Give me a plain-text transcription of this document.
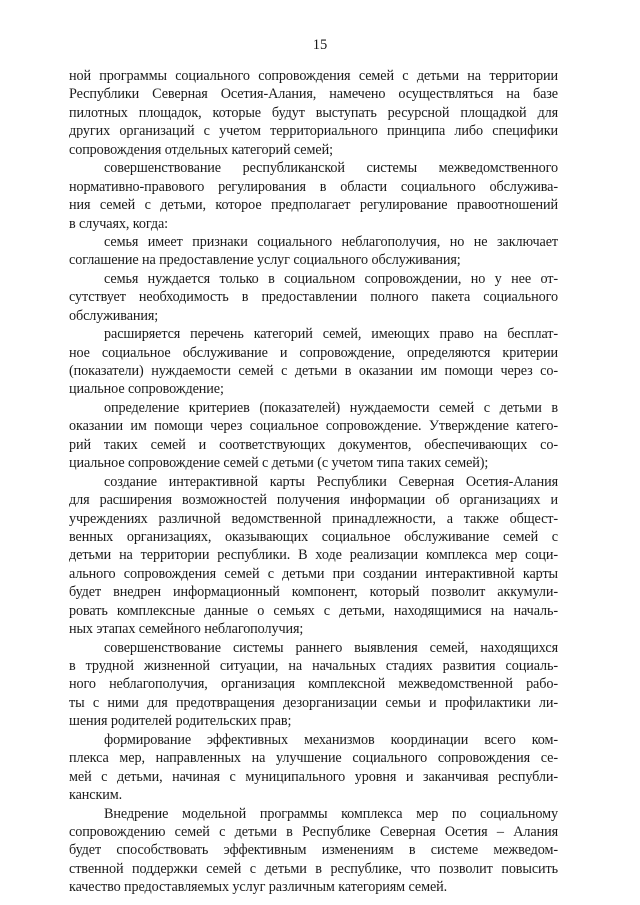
15
ной программы социального сопровождения семей с детьми на территории
Республики Северная Осетия-Алания, намечено осуществляться на базе
пилотных площадок, которые будут выступать ресурсной площадкой для
других организаций с учетом территориального принципа либо специфики
сопровождения отдельных категорий семей;
совершенствование республиканской системы межведомственного
нормативно-правового регулирования в области социального обслужива-
ния семей с детьми, которое предполагает регулирование правоотношений
в случаях, когда:
семья имеет признаки социального неблагополучия, но не заключает
соглашение на предоставление услуг социального обслуживания;
семья нуждается только в социальном сопровождении, но у нее от-
сутствует необходимость в предоставлении полного пакета социального
обслуживания;
расширяется перечень категорий семей, имеющих право на бесплат-
ное социальное обслуживание и сопровождение, определяются критерии
(показатели) нуждаемости семей с детьми в оказании им помощи через со-
циальное сопровождение;
определение критериев (показателей) нуждаемости семей с детьми в
оказании им помощи через социальное сопровождение. Утверждение катего-
рий таких семей и соответствующих документов, обеспечивающих со-
циальное сопровождение семей с детьми (с учетом типа таких семей);
создание интерактивной карты Республики Северная Осетия-Алания
для расширения возможностей получения информации об организациях и
учреждениях различной ведомственной принадлежности, а также общест-
венных организациях, оказывающих социальное обслуживание семей с
детьми на территории республики. В ходе реализации комплекса мер соци-
ального сопровождения семей с детьми при создании интерактивной карты
будет внедрен информационный компонент, который позволит аккумули-
ровать комплексные данные о семьях с детьми, находящимися на началь-
ных этапах семейного неблагополучия;
совершенствование системы раннего выявления семей, находящихся
в трудной жизненной ситуации, на начальных стадиях развития социаль-
ного неблагополучия, организация комплексной межведомственной рабо-
ты с ними для предотвращения дезорганизации семьи и профилактики ли-
шения родителей родительских прав;
формирование эффективных механизмов координации всего ком-
плекса мер, направленных на улучшение социального сопровождения се-
мей с детьми, начиная с муниципального уровня и заканчивая республи-
канским.
Внедрение модельной программы комплекса мер по социальному
сопровождению семей с детьми в Республике Северная Осетия – Алания
будет способствовать эффективным изменениям в системе межведом-
ственной поддержки семей с детьми в республике, что позволит повысить
качество предоставляемых услуг различным категориям семей.
